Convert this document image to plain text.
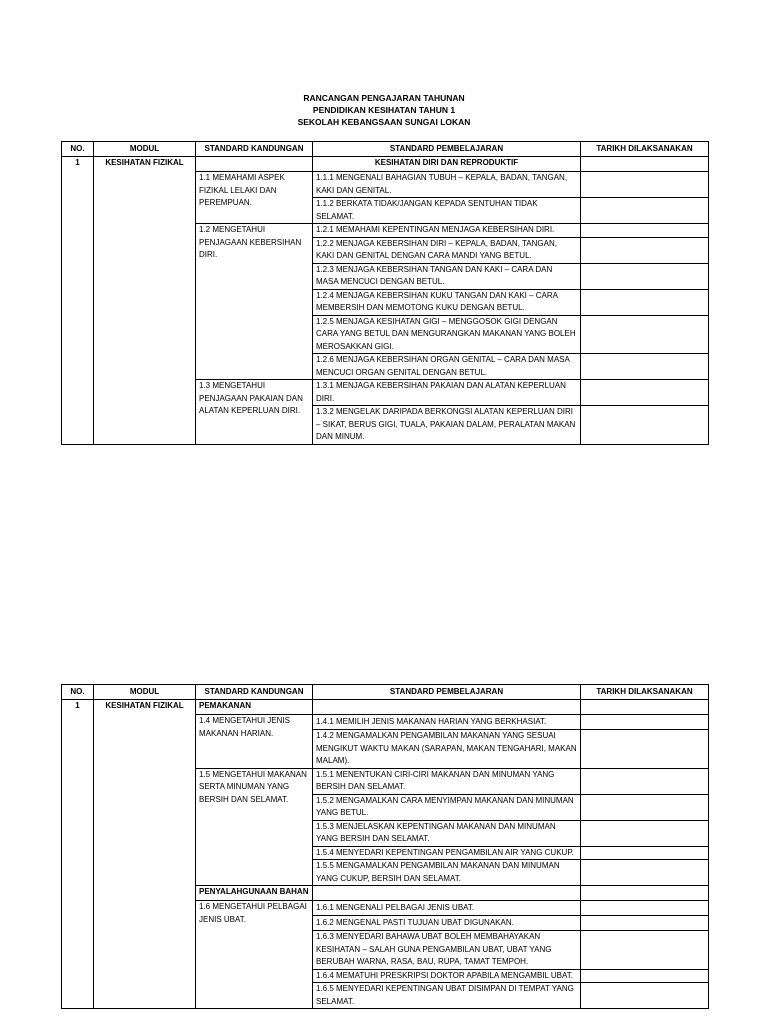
RANCANGAN PENGAJARAN TAHUNAN
PENDIDIKAN KESIHATAN TAHUN 1
SEKOLAH KEBANGSAAN SUNGAI LOKAN
NO.	MODUL	STANDARD KANDUNGAN	STANDARD PEMBELAJARAN	TARIKH DILAKSANAKAN
1	KESIHATAN FIZIKAL		KESIHATAN DIRI DAN REPRODUKTIF	
		1.1 MEMAHAMI ASPEK FIZIKAL LELAKI DAN PEREMPUAN.	1.1.1 MENGENALI BAHAGIAN TUBUH – KEPALA, BADAN, TANGAN, KAKI DAN GENITAL.	
			1.1.2 BERKATA TIDAK/JANGAN KEPADA SENTUHAN TIDAK SELAMAT.	
		1.2 MENGETAHUI PENJAGAAN KEBERSIHAN DIRI.	1.2.1 MEMAHAMI KEPENTINGAN MENJAGA KEBERSIHAN DIRI.	
			1.2.2 MENJAGA KEBERSIHAN DIRI – KEPALA, BADAN, TANGAN, KAKI DAN GENITAL DENGAN CARA MANDI YANG BETUL.	
			1.2.3 MENJAGA KEBERSIHAN TANGAN DAN KAKI – CARA DAN MASA MENCUCI DENGAN BETUL.	
			1.2.4 MENJAGA KEBERSIHAN KUKU TANGAN DAN KAKI – CARA MEMBERSIH DAN MEMOTONG KUKU DENGAN BETUL.	
			1.2.5 MENJAGA KESIHATAN GIGI – MENGGOSOK GIGI DENGAN CARA YANG BETUL DAN MENGURANGKAN MAKANAN YANG BOLEH MEROSAKKAN GIGI.	
			1.2.6 MENJAGA KEBERSIHAN ORGAN GENITAL – CARA DAN MASA MENCUCI ORGAN GENITAL DENGAN BETUL.	
		1.3 MENGETAHUI PENJAGAAN PAKAIAN DAN ALATAN KEPERLUAN DIRI.	1.3.1 MENJAGA KEBERSIHAN PAKAIAN DAN ALATAN KEPERLUAN DIRI.	
			1.3.2 MENGELAK DARIPADA BERKONGSI ALATAN KEPERLUAN DIRI – SIKAT, BERUS GIGI, TUALA, PAKAIAN DALAM, PERALATAN MAKAN DAN MINUM.	
NO.	MODUL	STANDARD KANDUNGAN	STANDARD PEMBELAJARAN	TARIKH DILAKSANAKAN
1	KESIHATAN FIZIKAL	PEMAKANAN		
		1.4 MENGETAHUI JENIS MAKANAN HARIAN.	1.4.1 MEMILIH JENIS MAKANAN HARIAN YANG BERKHASIAT.	
			1.4.2 MENGAMALKAN PENGAMBILAN MAKANAN YANG SESUAI MENGIKUT WAKTU MAKAN (SARAPAN, MAKAN TENGAHARI, MAKAN MALAM).	
		1.5 MENGETAHUI MAKANAN SERTA MINUMAN YANG BERSIH DAN SELAMAT.	1.5.1 MENENTUKAN CIRI-CIRI MAKANAN DAN MINUMAN YANG BERSIH DAN SELAMAT.	
			1.5.2 MENGAMALKAN CARA MENYIMPAN MAKANAN DAN MINUMAN YANG BETUL.	
			1.5.3 MENJELASKAN KEPENTINGAN MAKANAN DAN MINUMAN YANG BERSIH DAN SELAMAT.	
			1.5.4 MENYEDARI KEPENTINGAN PENGAMBILAN AIR YANG CUKUP.	
			1.5.5 MENGAMALKAN PENGAMBILAN MAKANAN DAN MINUMAN YANG CUKUP, BERSIH DAN SELAMAT.	
		PENYALAHGUNAAN BAHAN		
		1.6 MENGETAHUI PELBAGAI JENIS UBAT.	1.6.1 MENGENALI PELBAGAI JENIS UBAT.	
			1.6.2 MENGENAL PASTI TUJUAN UBAT DIGUNAKAN.	
			1.6.3 MENYEDARI BAHAWA UBAT BOLEH MEMBAHAYAKAN KESIHATAN – SALAH GUNA PENGAMBILAN UBAT, UBAT YANG BERUBAH WARNA, RASA, BAU, RUPA, TAMAT TEMPOH.	
			1.6.4 MEMATUHI PRESKRIPSI DOKTOR APABILA MENGAMBIL UBAT.	
			1.6.5 MENYEDARI KEPENTINGAN UBAT DISIMPAN DI TEMPAT YANG SELAMAT.	
